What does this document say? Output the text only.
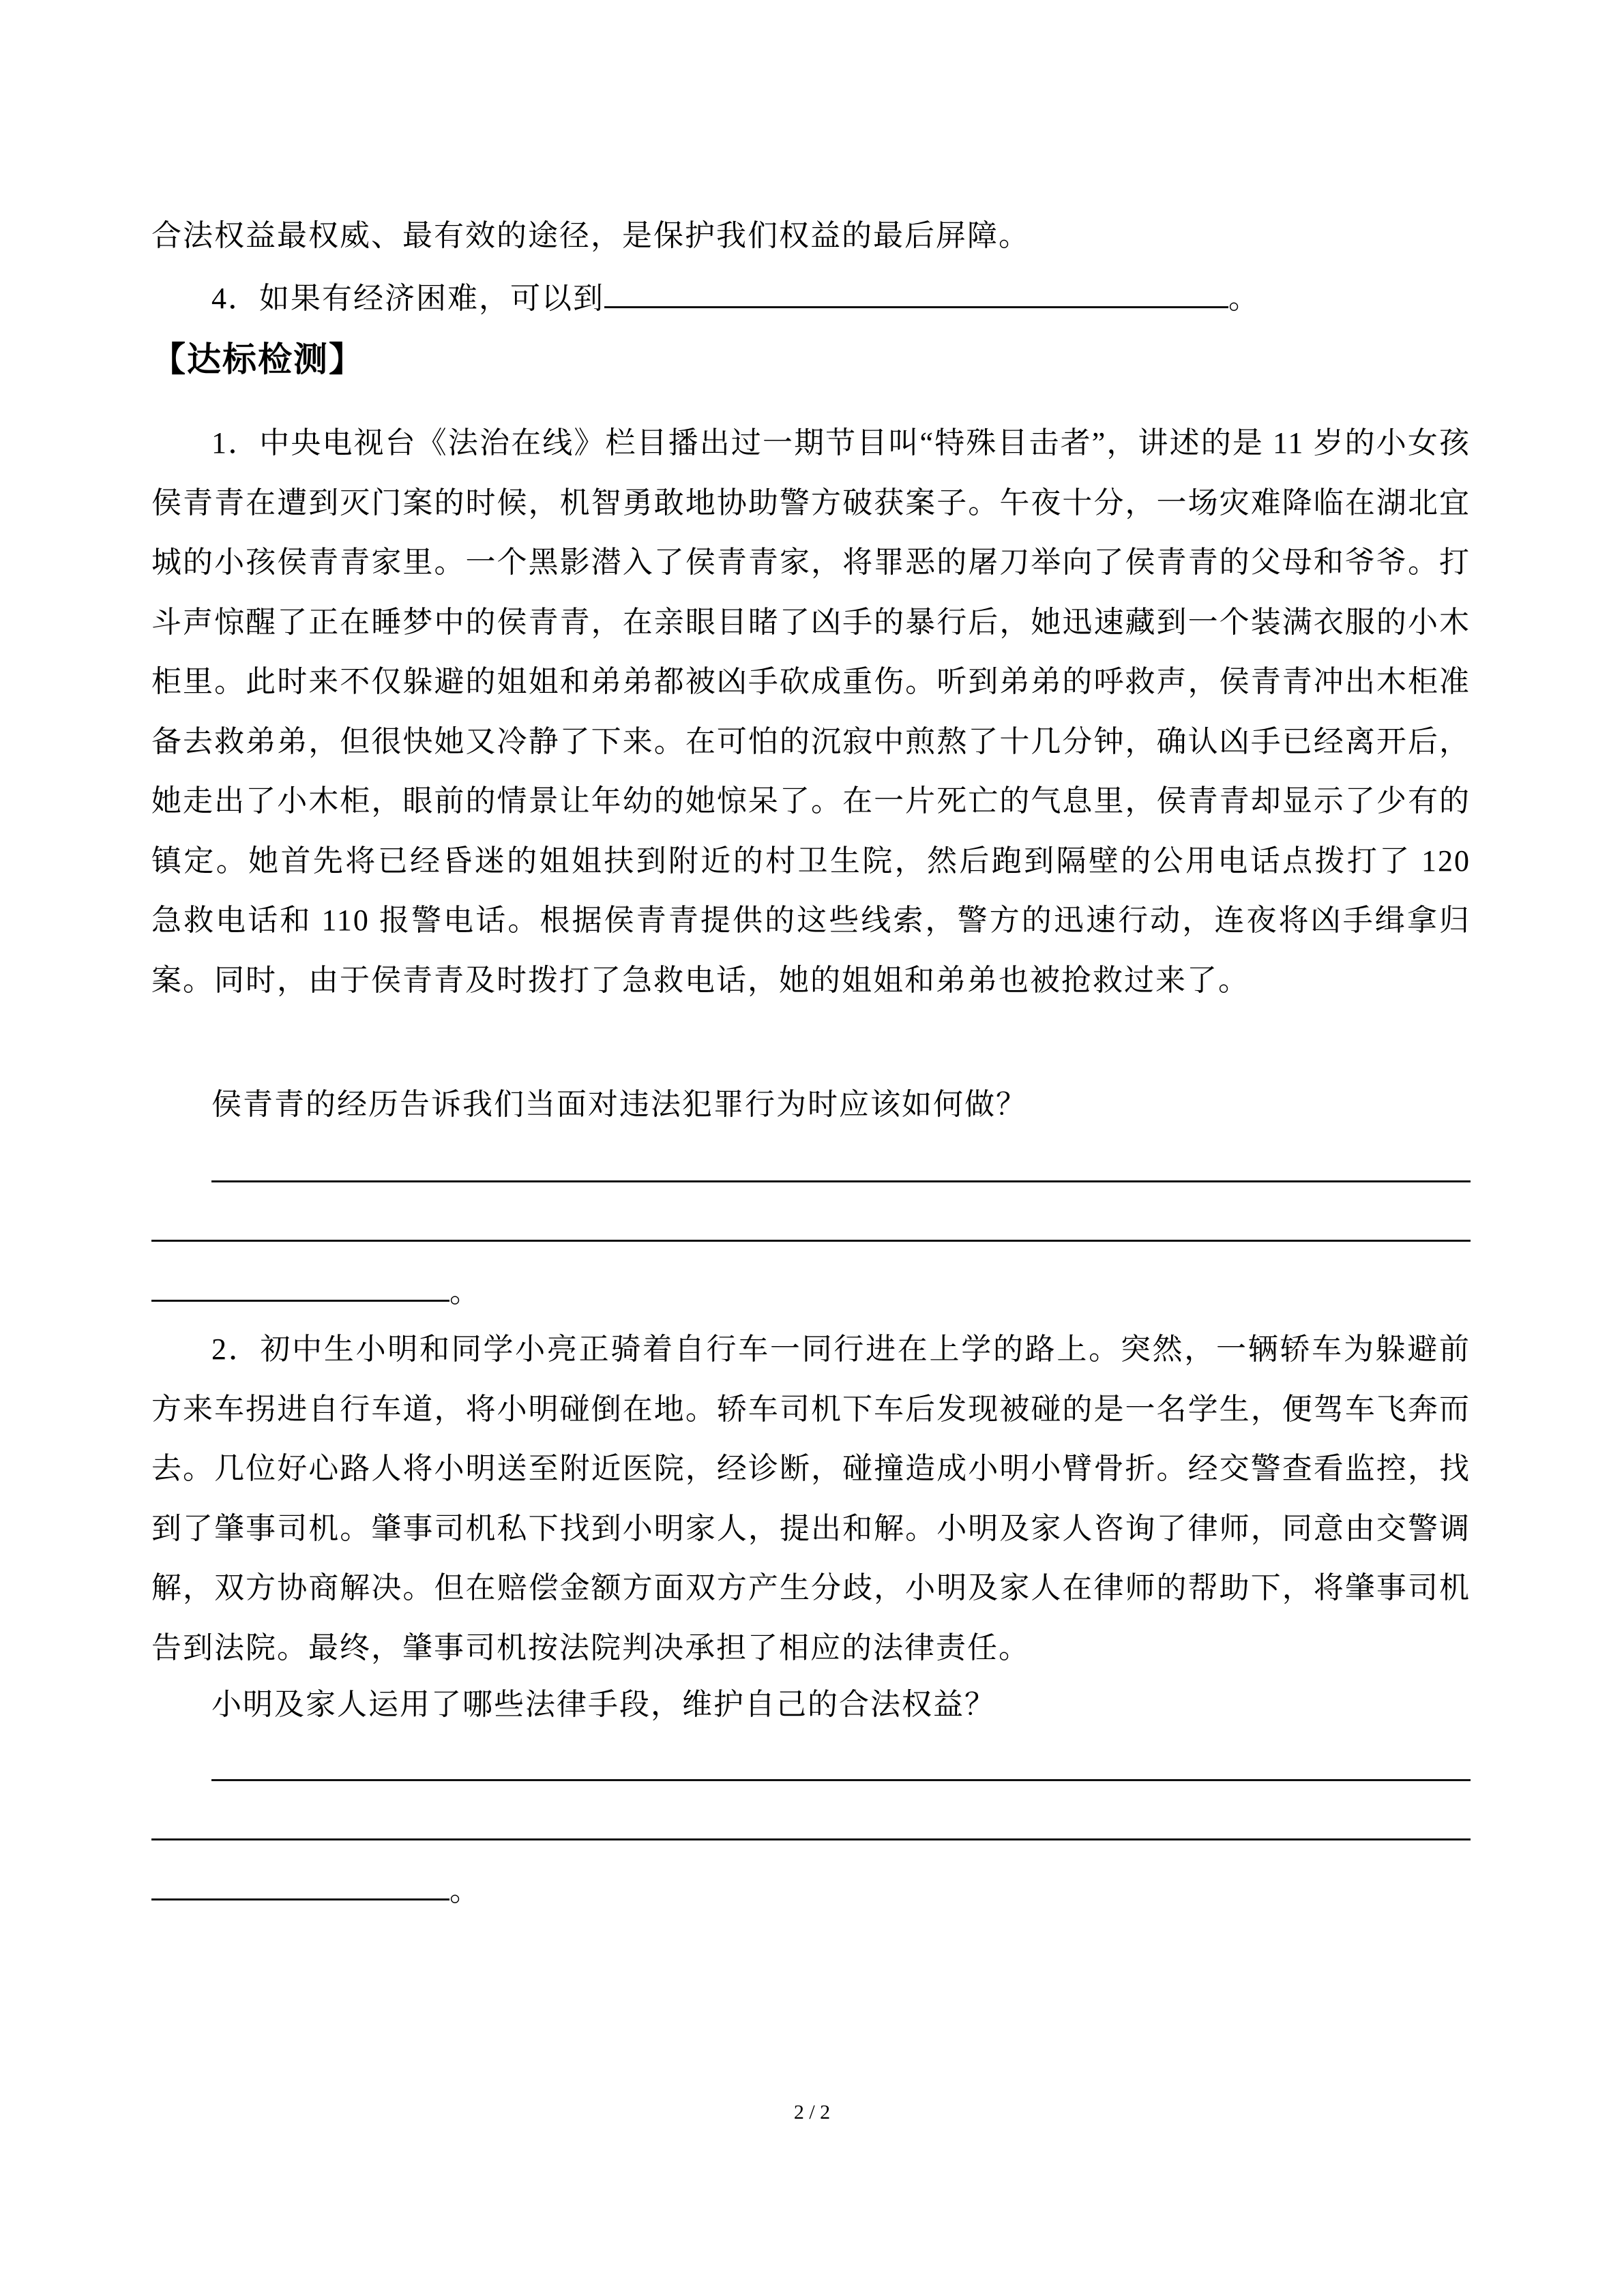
合法权益最权威、最有效的途径，是保护我们权益的最后屏障。
4．如果有经济困难，可以到	。
【达标检测】
1．中央电视台《法治在线》栏目播出过一期节目叫“特殊目击者”，讲述的是 11 岁的小女孩侯青青在遭到灭门案的时候，机智勇敢地协助警方破获案子。午夜十分，一场灾难降临在湖北宜城的小孩侯青青家里。一个黑影潜入了侯青青家，将罪恶的屠刀举向了侯青青的父母和爷爷。打斗声惊醒了正在睡梦中的侯青青，在亲眼目睹了凶手的暴行后，她迅速藏到一个装满衣服的小木柜里。此时来不仅躲避的姐姐和弟弟都被凶手砍成重伤。听到弟弟的呼救声，侯青青冲出木柜准备去救弟弟，但很快她又冷静了下来。在可怕的沉寂中煎熬了十几分钟，确认凶手已经离开后，她走出了小木柜，眼前的情景让年幼的她惊呆了。在一片死亡的气息里，侯青青却显示了少有的镇定。她首先将已经昏迷的姐姐扶到附近的村卫生院，然后跑到隔壁的公用电话点拨打了 120 急救电话和 110 报警电话。根据侯青青提供的这些线索，警方的迅速行动，连夜将凶手缉拿归案。同时，由于侯青青及时拨打了急救电话，她的姐姐和弟弟也被抢救过来了。
侯青青的经历告诉我们当面对违法犯罪行为时应该如何做？
。
2．初中生小明和同学小亮正骑着自行车一同行进在上学的路上。突然，一辆轿车为躲避前方来车拐进自行车道，将小明碰倒在地。轿车司机下车后发现被碰的是一名学生，便驾车飞奔而去。几位好心路人将小明送至附近医院，经诊断，碰撞造成小明小臂骨折。经交警查看监控，找到了肇事司机。肇事司机私下找到小明家人，提出和解。小明及家人咨询了律师，同意由交警调解，双方协商解决。但在赔偿金额方面双方产生分歧，小明及家人在律师的帮助下，将肇事司机告到法院。最终，肇事司机按法院判决承担了相应的法律责任。
小明及家人运用了哪些法律手段，维护自己的合法权益？
。
2 / 2
